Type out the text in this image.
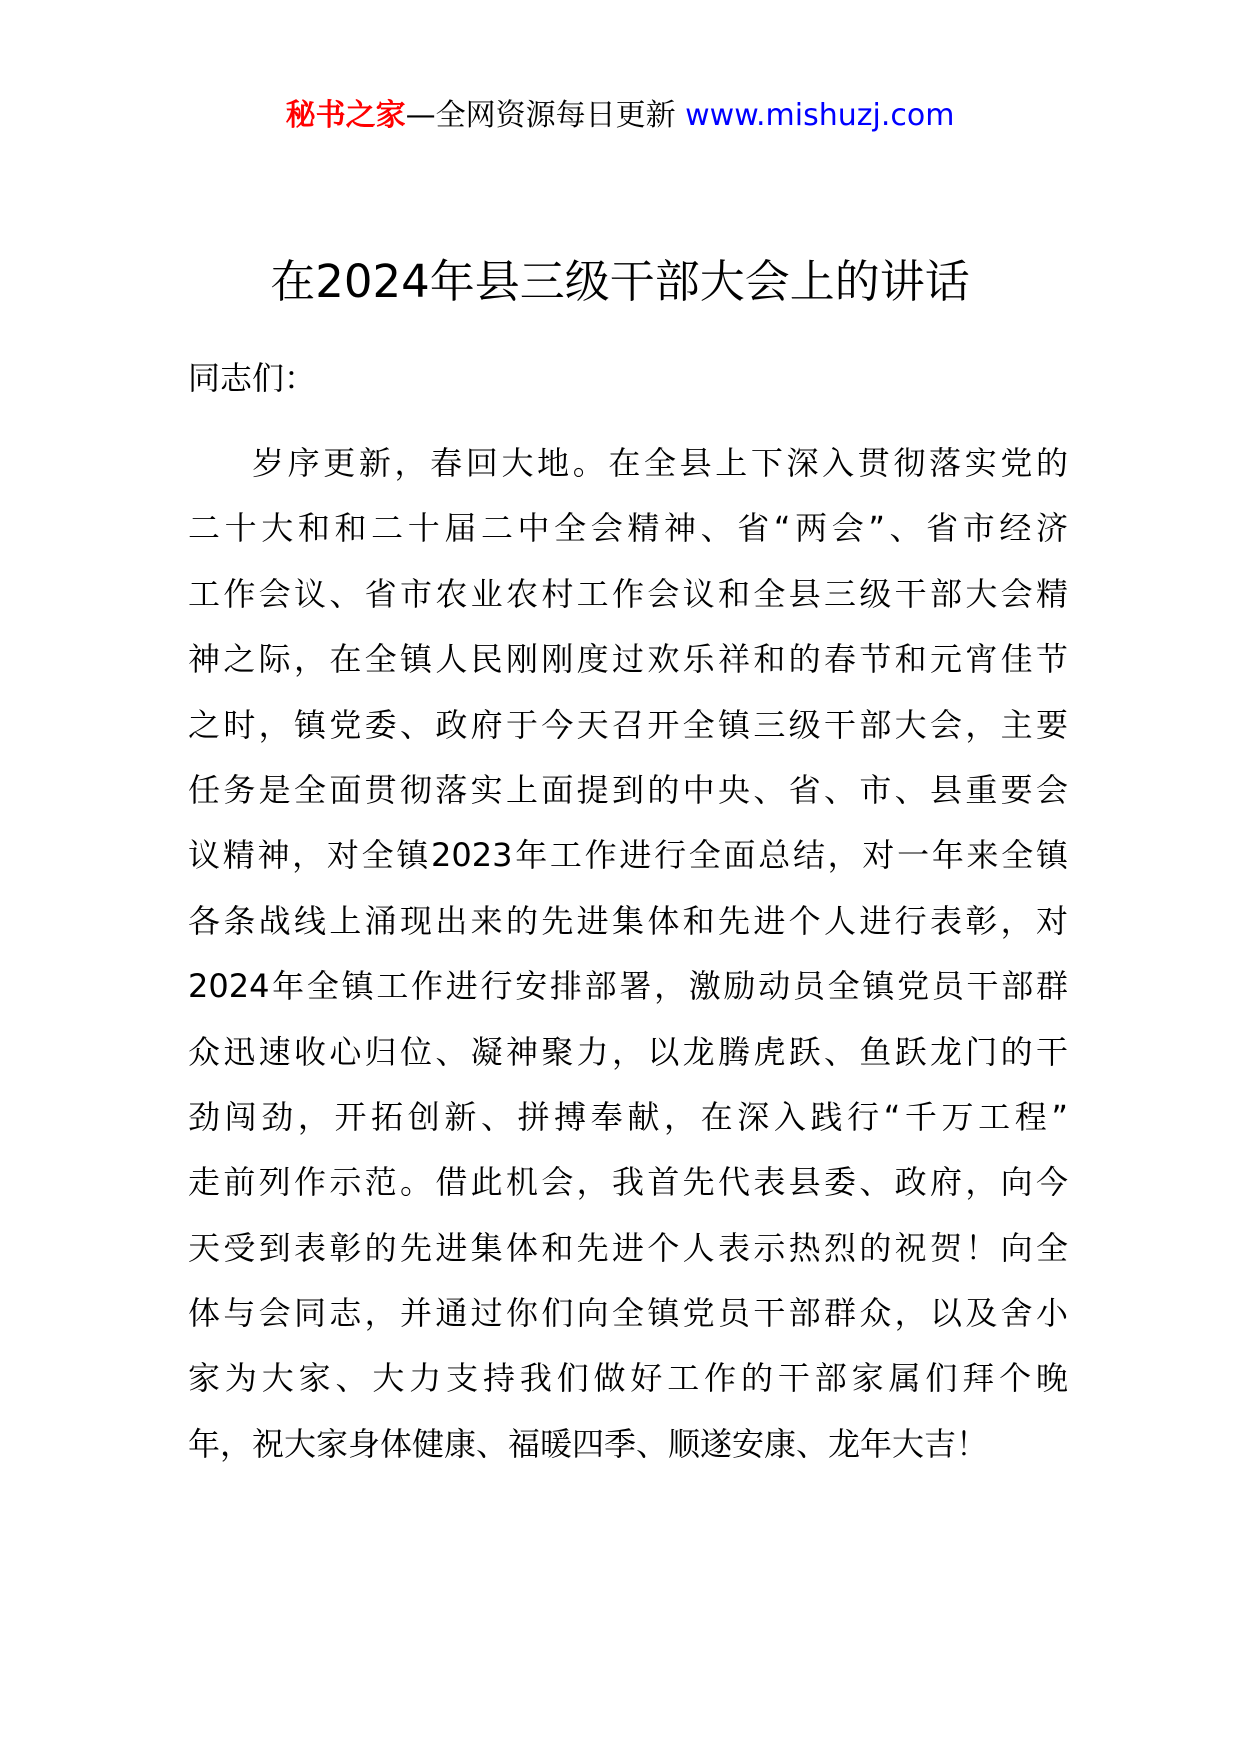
秘书之家—全网资源每日更新 www.mishuzj.com
在2024年县三级干部大会上的讲话

同志们：

岁序更新，春回大地。在全县上下深入贯彻落实党的
二十大和和二十届二中全会精神、省“两会”、省市经济
工作会议、省市农业农村工作会议和全县三级干部大会精
神之际，在全镇人民刚刚度过欢乐祥和的春节和元宵佳节
之时，镇党委、政府于今天召开全镇三级干部大会，主要
任务是全面贯彻落实上面提到的中央、省、市、县重要会
议精神，对全镇2023年工作进行全面总结，对一年来全镇
各条战线上涌现出来的先进集体和先进个人进行表彰，对
2024年全镇工作进行安排部署，激励动员全镇党员干部群
众迅速收心归位、凝神聚力，以龙腾虎跃、鱼跃龙门的干
劲闯劲，开拓创新、拼搏奉献，在深入践行“千万工程”
走前列作示范。借此机会，我首先代表县委、政府，向今
天受到表彰的先进集体和先进个人表示热烈的祝贺！向全
体与会同志，并通过你们向全镇党员干部群众，以及舍小
家为大家、大力支持我们做好工作的干部家属们拜个晚
年，祝大家身体健康、福暖四季、顺遂安康、龙年大吉！
